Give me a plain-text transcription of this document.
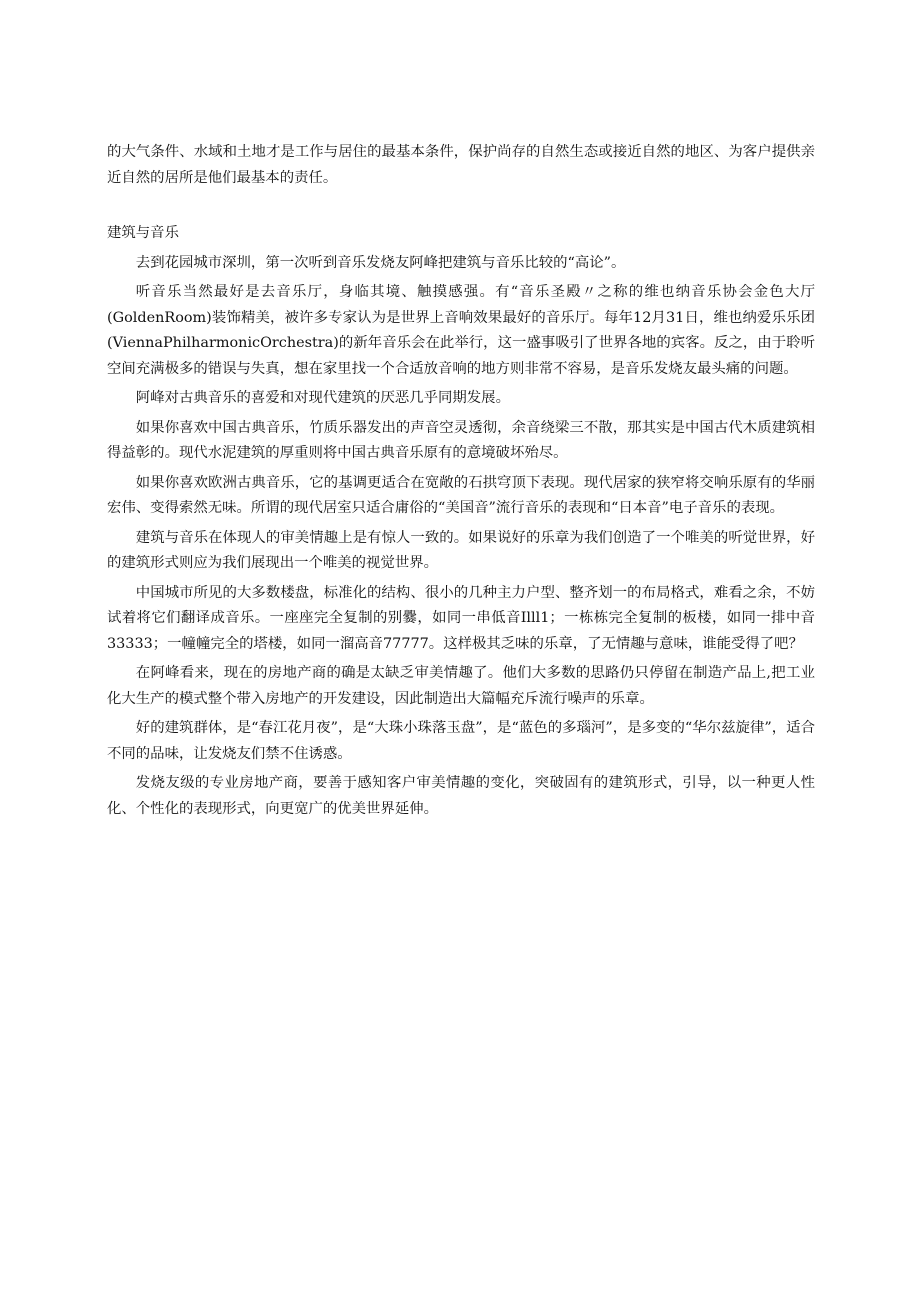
的大气条件、水域和土地才是工作与居住的最基本条件，保护尚存的自然生态或接近自然的地区、为客户提供亲近自然的居所是他们最基本的责任。

建筑与音乐

去到花园城市深圳，第一次听到音乐发烧友阿峰把建筑与音乐比较的“高论”。

听音乐当然最好是去音乐厅，身临其境、触摸感强。有“音乐圣殿〃之称的维也纳音乐协会金色大厅(GoldenRoom)装饰精美，被许多专家认为是世界上音响效果最好的音乐厅。每年12月31日，维也纳爱乐乐团(ViennaPhilharmonicOrchestra)的新年音乐会在此举行，这一盛事吸引了世界各地的宾客。反之，由于聆听空间充满极多的错误与失真，想在家里找一个合适放音响的地方则非常不容易，是音乐发烧友最头痛的问题。

阿峰对古典音乐的喜爱和对现代建筑的厌恶几乎同期发展。

如果你喜欢中国古典音乐，竹质乐器发出的声音空灵透彻，余音绕梁三不散，那其实是中国古代木质建筑相得益彰的。现代水泥建筑的厚重则将中国古典音乐原有的意境破坏殆尽。

如果你喜欢欧洲古典音乐，它的基调更适合在宽敞的石拱穹顶下表现。现代居家的狭窄将交响乐原有的华丽宏伟、变得索然无味。所谓的现代居室只适合庸俗的“美国音”流行音乐的表现和“日本音”电子音乐的表现。

建筑与音乐在体现人的审美情趣上是有惊人一致的。如果说好的乐章为我们创造了一个唯美的听觉世界，好的建筑形式则应为我们展现出一个唯美的视觉世界。

中国城市所见的大多数楼盘，标准化的结构、很小的几种主力户型、整齐划一的布局格式，难看之余，不妨试着将它们翻译成音乐。一座座完全复制的别爨，如同一串低音Illl1；一栋栋完全复制的板楼，如同一排中音33333；一幢幢完全的塔楼，如同一溜高音77777。这样极其乏味的乐章，了无情趣与意味，谁能受得了吧？

在阿峰看来，现在的房地产商的确是太缺乏审美情趣了。他们大多数的思路仍只停留在制造产品上,把工业化大生产的模式整个带入房地产的开发建设，因此制造出大篇幅充斥流行噪声的乐章。

好的建筑群体，是“春江花月夜”，是“大珠小珠落玉盘”，是“蓝色的多瑙河”，是多变的“华尔兹旋律”，适合不同的品味，让发烧友们禁不住诱惑。

发烧友级的专业房地产商，要善于感知客户审美情趣的变化，突破固有的建筑形式，引导，以一种更人性化、个性化的表现形式，向更宽广的优美世界延伸。
